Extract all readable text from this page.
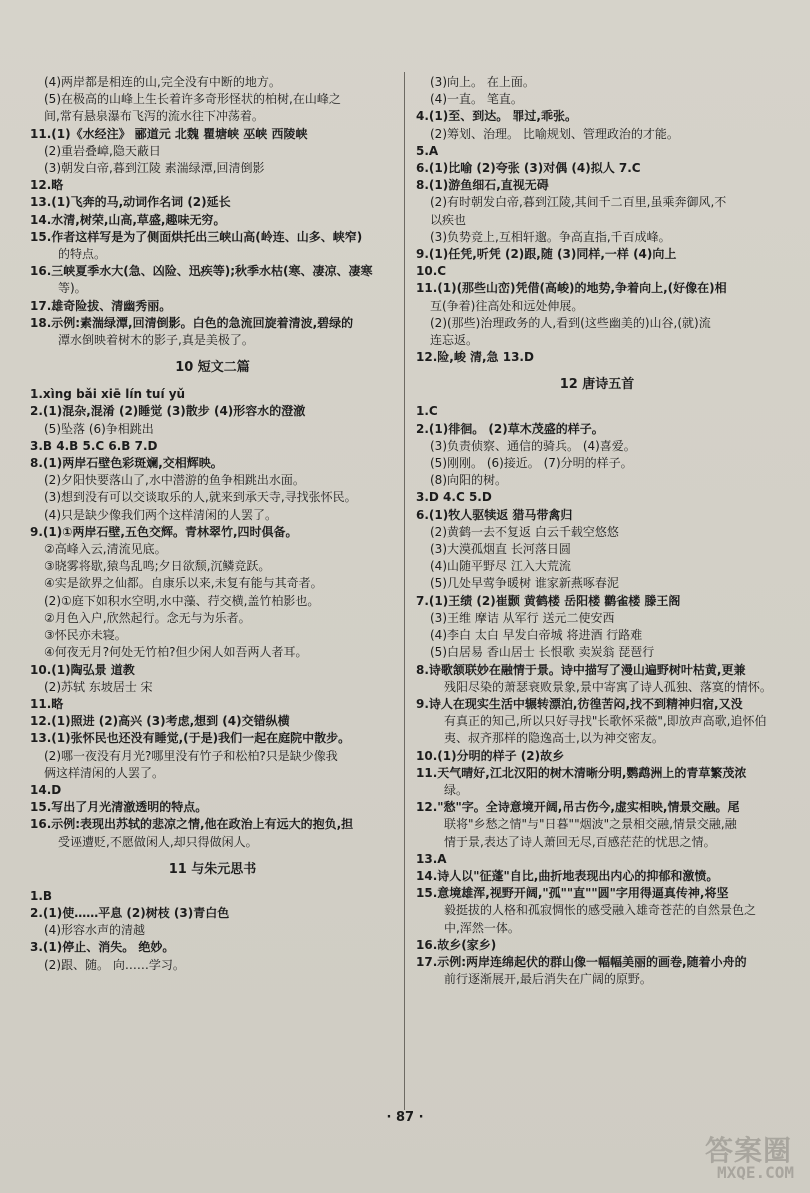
(4)两岸都是相连的山,完全没有中断的地方。
(5)在极高的山峰上生长着许多奇形怪状的柏树,在山峰之
间,常有悬泉瀑布飞泻的流水往下冲荡着。
11.(1)《水经注》 郦道元 北魏 瞿塘峡 巫峡 西陵峡
(2)重岩叠嶂,隐天蔽日
(3)朝发白帝,暮到江陵 素湍绿潭,回清倒影
12.略
13.(1)飞奔的马,动词作名词 (2)延长
14.水清,树荣,山高,草盛,趣味无穷。
15.作者这样写是为了侧面烘托出三峡山高(岭连、山多、峡窄)
的特点。
16.三峡夏季水大(急、凶险、迅疾等);秋季水枯(寒、凄凉、凄寒
等)。
17.雄奇险拔、清幽秀丽。
18.示例:素湍绿潭,回清倒影。白色的急流回旋着清波,碧绿的
潭水倒映着树木的影子,真是美极了。
10 短文二篇
1.xìng bǎi xiē lín tuí yǔ
2.(1)混杂,混淆 (2)睡觉 (3)散步 (4)形容水的澄澈
(5)坠落 (6)争相跳出
3.B 4.B 5.C 6.B 7.D
8.(1)两岸石壁色彩斑斓,交相辉映。
(2)夕阳快要落山了,水中潜游的鱼争相跳出水面。
(3)想到没有可以交谈取乐的人,就来到承天寺,寻找张怀民。
(4)只是缺少像我们两个这样清闲的人罢了。
9.(1)①两岸石壁,五色交辉。青林翠竹,四时俱备。
②高峰入云,清流见底。
③晓雾将歇,猿鸟乱鸣;夕日欲颓,沉鳞竞跃。
④实是欲界之仙都。自康乐以来,未复有能与其奇者。
(2)①庭下如积水空明,水中藻、荇交横,盖竹柏影也。
②月色入户,欣然起行。念无与为乐者。
③怀民亦未寝。
④何夜无月?何处无竹柏?但少闲人如吾两人者耳。
10.(1)陶弘景 道教
(2)苏轼 东坡居士 宋
11.略
12.(1)照进 (2)高兴 (3)考虑,想到 (4)交错纵横
13.(1)张怀民也还没有睡觉,(于是)我们一起在庭院中散步。
(2)哪一夜没有月光?哪里没有竹子和松柏?只是缺少像我
俩这样清闲的人罢了。
14.D
15.写出了月光清澈透明的特点。
16.示例:表现出苏轼的悲凉之情,他在政治上有远大的抱负,担
受诬遭贬,不愿做闲人,却只得做闲人。
11 与朱元思书
1.B
2.(1)使……平息 (2)树枝 (3)青白色
(4)形容水声的清越
3.(1)停止、消失。 绝妙。
(2)跟、随。 向……学习。
(3)向上。 在上面。
(4)一直。 笔直。
4.(1)至、到达。 罪过,乖张。
(2)筹划、治理。 比喻规划、管理政治的才能。
5.A
6.(1)比喻 (2)夸张 (3)对偶 (4)拟人 7.C
8.(1)游鱼细石,直视无碍
(2)有时朝发白帝,暮到江陵,其间千二百里,虽乘奔御风,不
以疾也
(3)负势竞上,互相轩邈。争高直指,千百成峰。
9.(1)任凭,听凭 (2)跟,随 (3)同样,一样 (4)向上
10.C
11.(1)(那些山峦)凭借(高峻)的地势,争着向上,(好像在)相
互(争着)往高处和远处伸展。
(2)(那些)治理政务的人,看到(这些幽美的)山谷,(就)流
连忘返。
12.险,峻 清,急 13.D
12 唐诗五首
1.C
2.(1)徘徊。 (2)草木茂盛的样子。
(3)负责侦察、通信的骑兵。 (4)喜爱。
(5)刚刚。 (6)接近。 (7)分明的样子。
(8)向阳的树。
3.D 4.C 5.D
6.(1)牧人驱犊返 猎马带禽归
(2)黄鹤一去不复返 白云千载空悠悠
(3)大漠孤烟直 长河落日圆
(4)山随平野尽 江入大荒流
(5)几处早莺争暖树 谁家新燕啄春泥
7.(1)王绩 (2)崔颢 黄鹤楼 岳阳楼 鹳雀楼 滕王阁
(3)王维 摩诘 从军行 送元二使安西
(4)李白 太白 早发白帝城 将进酒 行路难
(5)白居易 香山居士 长恨歌 卖炭翁 琵琶行
8.诗歌颔联妙在融情于景。诗中描写了漫山遍野树叶枯黄,更兼
残阳尽染的萧瑟衰败景象,景中寄寓了诗人孤独、落寞的情怀。
9.诗人在现实生活中辗转漂泊,彷徨苦闷,找不到精神归宿,又没
有真正的知己,所以只好寻找"长歌怀采薇",即放声高歌,追怀伯
夷、叔齐那样的隐逸高士,以为神交密友。
10.(1)分明的样子 (2)故乡
11.天气晴好,江北汉阳的树木清晰分明,鹦鹉洲上的青草繁茂浓
绿。
12."愁"字。全诗意境开阔,吊古伤今,虚实相映,情景交融。尾
联将"乡愁之情"与"日暮""烟波"之景相交融,情景交融,融
情于景,表达了诗人萧回无尽,百感茫茫的忧思之情。
13.A
14.诗人以"征蓬"自比,曲折地表现出内心的抑郁和激愤。
15.意境雄浑,视野开阔,"孤""直""圆"字用得逼真传神,将坚
毅挺拔的人格和孤寂惆怅的感受融入雄奇苍茫的自然景色之
中,浑然一体。
16.故乡(家乡)
17.示例:两岸连绵起伏的群山像一幅幅美丽的画卷,随着小舟的
前行逐渐展开,最后消失在广阔的原野。
· 87 ·
答案圈
MXQE.COM
